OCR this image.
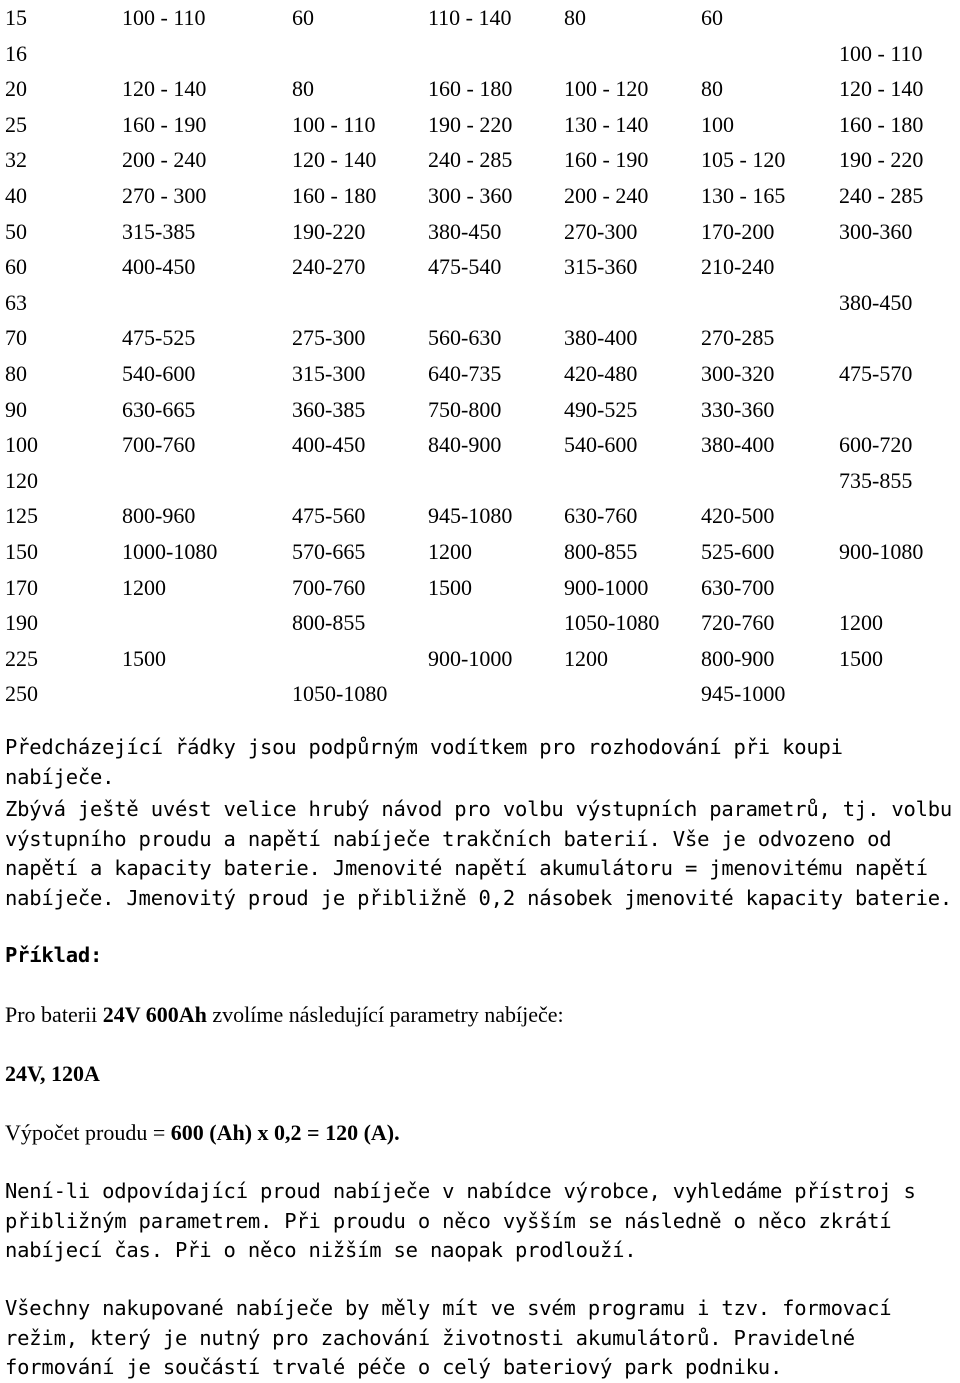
15	100 - 110	60	110 - 140	80	60	
16						100 - 110
20	120 - 140	80	160 - 180	100 - 120	80	120 - 140
25	160 - 190	100 - 110	190 - 220	130 - 140	100	160 - 180
32	200 - 240	120 - 140	240 - 285	160 - 190	105 - 120	190 - 220
40	270 - 300	160 - 180	300 - 360	200 - 240	130 - 165	240 - 285
50	315-385	190-220	380-450	270-300	170-200	300-360
60	400-450	240-270	475-540	315-360	210-240	
63						380-450
70	475-525	275-300	560-630	380-400	270-285	
80	540-600	315-300	640-735	420-480	300-320	475-570
90	630-665	360-385	750-800	490-525	330-360	
100	700-760	400-450	840-900	540-600	380-400	600-720
120						735-855
125	800-960	475-560	945-1080	630-760	420-500	
150	1000-1080	570-665	1200	800-855	525-600	900-1080
170	1200	700-760	1500	900-1000	630-700	
190		800-855		1050-1080	720-760	1200
225	1500		900-1000	1200	800-900	1500
250		1050-1080			945-1000	

Předcházející řádky jsou podpůrným vodítkem pro rozhodování při koupi nabíječe.

Zbývá ještě uvést velice hrubý návod pro volbu výstupních parametrů, tj. volbu výstupního proudu a napětí nabíječe trakčních baterií. Vše je odvozeno od napětí a kapacity baterie. Jmenovité napětí akumulátoru = jmenovitému napětí nabíječe. Jmenovitý proud je přibližně 0,2 násobek jmenovité kapacity baterie.

Příklad:

Pro baterii 24V 600Ah zvolíme následující parametry nabíječe:

24V, 120A

Výpočet proudu = 600 (Ah) x 0,2 = 120 (A).

Není-li odpovídající proud nabíječe v nabídce výrobce, vyhledáme přístroj s přibližným parametrem. Při proudu o něco vyšším se následně o něco zkrátí nabíjecí čas. Při o něco nižším se naopak prodlouží.

Všechny nakupované nabíječe by měly mít ve svém programu i tzv. formovací režim, který je nutný pro zachování životnosti akumulátorů. Pravidelné formování je součástí trvalé péče o celý bateriový park podniku.
